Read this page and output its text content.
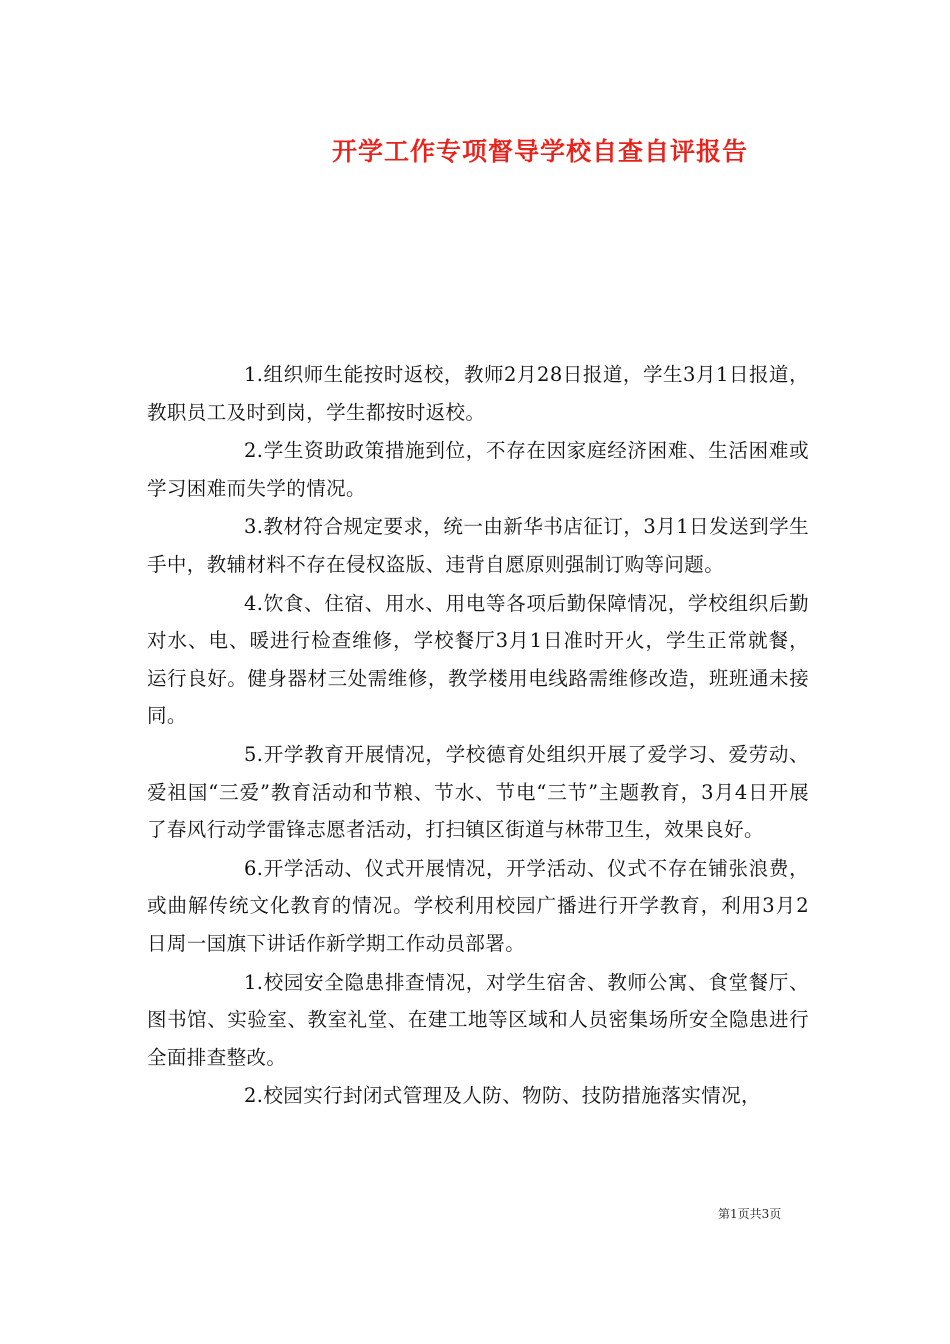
开学工作专项督导学校自查自评报告

1.组织师生能按时返校，教师2月28日报道，学生3月1日报道，教职员工及时到岗，学生都按时返校。

2.学生资助政策措施到位，不存在因家庭经济困难、生活困难或学习困难而失学的情况。

3.教材符合规定要求，统一由新华书店征订，3月1日发送到学生手中，教辅材料不存在侵权盗版、违背自愿原则强制订购等问题。

4.饮食、住宿、用水、用电等各项后勤保障情况，学校组织后勤对水、电、暖进行检查维修，学校餐厅3月1日准时开火，学生正常就餐，运行良好。健身器材三处需维修，教学楼用电线路需维修改造，班班通未接同。

5.开学教育开展情况，学校德育处组织开展了爱学习、爱劳动、爱祖国“三爱”教育活动和节粮、节水、节电“三节”主题教育，3月4日开展了春风行动学雷锋志愿者活动，打扫镇区街道与林带卫生，效果良好。

6.开学活动、仪式开展情况，开学活动、仪式不存在铺张浪费，或曲解传统文化教育的情况。学校利用校园广播进行开学教育，利用3月2日周一国旗下讲话作新学期工作动员部署。

1.校园安全隐患排查情况，对学生宿舍、教师公寓、食堂餐厅、图书馆、实验室、教室礼堂、在建工地等区域和人员密集场所安全隐患进行全面排查整改。

2.校园实行封闭式管理及人防、物防、技防措施落实情况，

第1页共3页
